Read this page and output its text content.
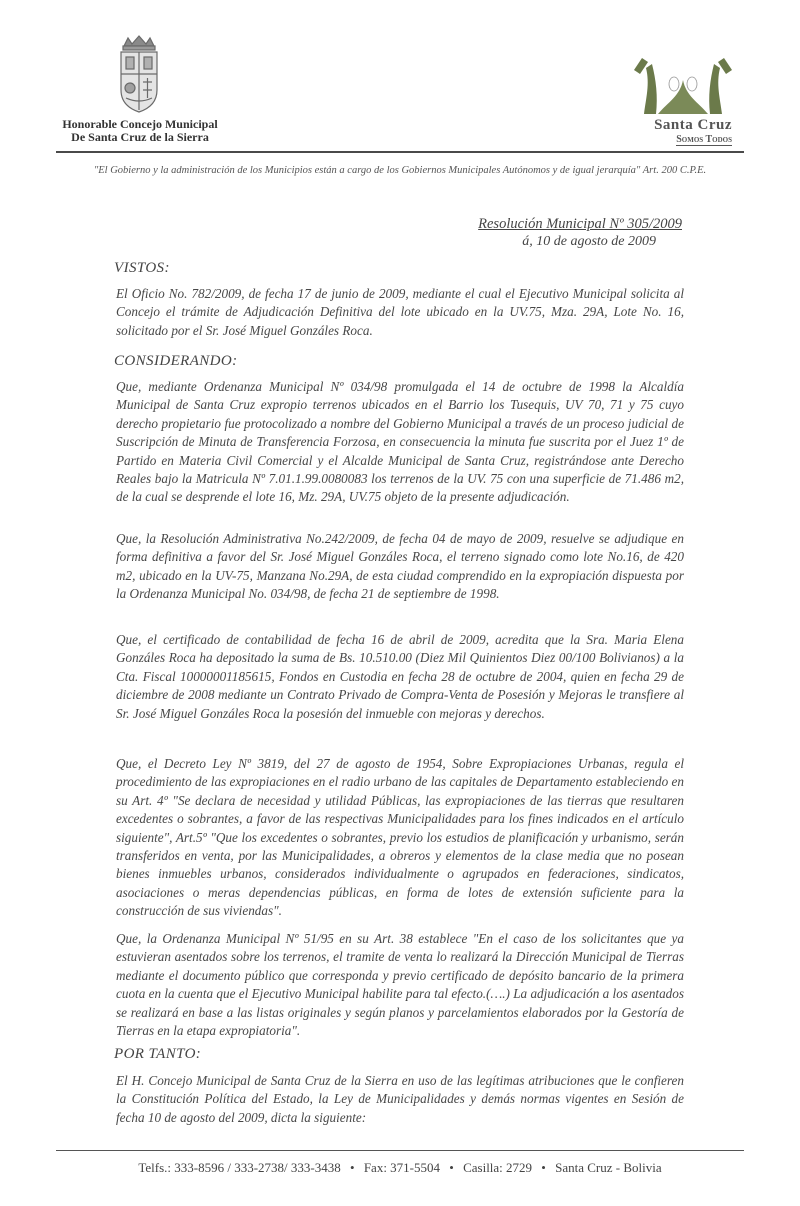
Honorable Concejo Municipal
De Santa Cruz de la Sierra
Santa Cruz
Somos Todos
"El Gobierno y la administración de los Municipios están a cargo de los Gobiernos Municipales Autónomos y de igual jerarquía" Art. 200 C.P.E.
Resolución Municipal Nº 305/2009
á, 10 de agosto de 2009
VISTOS:
El Oficio No. 782/2009, de fecha 17 de junio de 2009, mediante el cual el Ejecutivo Municipal solicita al Concejo el trámite de Adjudicación Definitiva del lote ubicado en la UV.75, Mza. 29A, Lote No. 16, solicitado por el Sr. José Miguel Gonzáles Roca.
CONSIDERANDO:
Que, mediante Ordenanza Municipal Nº 034/98 promulgada el 14 de octubre de 1998 la Alcaldía Municipal de Santa Cruz expropio terrenos ubicados en el Barrio los Tusequis, UV 70, 71 y 75 cuyo derecho propietario fue protocolizado a nombre del Gobierno Municipal a través de un proceso judicial de Suscripción de Minuta de Transferencia Forzosa, en consecuencia la minuta fue suscrita por el Juez 1º de Partido en Materia Civil Comercial y el Alcalde Municipal de Santa Cruz, registrándose ante Derecho Reales bajo la Matricula Nº 7.01.1.99.0080083 los terrenos de la UV. 75 con una superficie de 71.486 m2, de la cual se desprende el lote 16, Mz. 29A, UV.75 objeto de la presente adjudicación.
Que, la Resolución Administrativa No.242/2009, de fecha 04 de mayo de 2009, resuelve se adjudique en forma definitiva a favor del Sr. José Miguel Gonzáles Roca, el terreno signado como lote No.16, de 420 m2, ubicado en la UV-75, Manzana No.29A, de esta ciudad comprendido en la expropiación dispuesta por la Ordenanza Municipal No. 034/98, de fecha 21 de septiembre de 1998.
Que, el certificado de contabilidad de fecha 16 de abril de 2009, acredita que la Sra. Maria Elena Gonzáles Roca ha depositado la suma de Bs. 10.510.00 (Diez Mil Quinientos Diez 00/100 Bolivianos) a la Cta. Fiscal 10000001185615, Fondos en Custodia en fecha 28 de octubre de 2004, quien en fecha 29 de diciembre de 2008 mediante un Contrato Privado de Compra-Venta de Posesión y Mejoras le transfiere al Sr. José Miguel Gonzáles Roca la posesión del inmueble con mejoras y derechos.
Que, el Decreto Ley Nº 3819, del 27 de agosto de 1954, Sobre Expropiaciones Urbanas, regula el procedimiento de las expropiaciones en el radio urbano de las capitales de Departamento estableciendo en su Art. 4º "Se declara de necesidad y utilidad Públicas, las expropiaciones de las tierras que resultaren excedentes o sobrantes, a favor de las respectivas Municipalidades para los fines indicados en el artículo siguiente", Art.5º "Que los excedentes o sobrantes, previo los estudios de planificación y urbanismo, serán transferidos en venta, por las Municipalidades, a obreros y elementos de la clase media que no posean bienes inmuebles urbanos, considerados individualmente o agrupados en federaciones, sindicatos, asociaciones o meras dependencias públicas, en forma de lotes de extensión suficiente para la construcción de sus viviendas".
Que, la Ordenanza Municipal Nº 51/95 en su Art. 38 establece "En el caso de los solicitantes que ya estuvieran asentados sobre los terrenos, el tramite de venta lo realizará la Dirección Municipal de Tierras mediante el documento público que corresponda y previo certificado de depósito bancario de la primera cuota en la cuenta que el Ejecutivo Municipal habilite para tal efecto.(….) La adjudicación a los asentados se realizará en base a las listas originales y según planos y parcelamientos elaborados por la Gestoría de Tierras en la etapa expropiatoria".
POR TANTO:
El H. Concejo Municipal de Santa Cruz de la Sierra en uso de las legítimas atribuciones que le confieren la Constitución Política del Estado, la Ley de Municipalidades y demás normas vigentes en Sesión de fecha 10 de agosto del 2009, dicta la siguiente:
Telfs.: 333-8596 / 333-2738/ 333-3438 • Fax: 371-5504 • Casilla: 2729 • Santa Cruz - Bolivia
